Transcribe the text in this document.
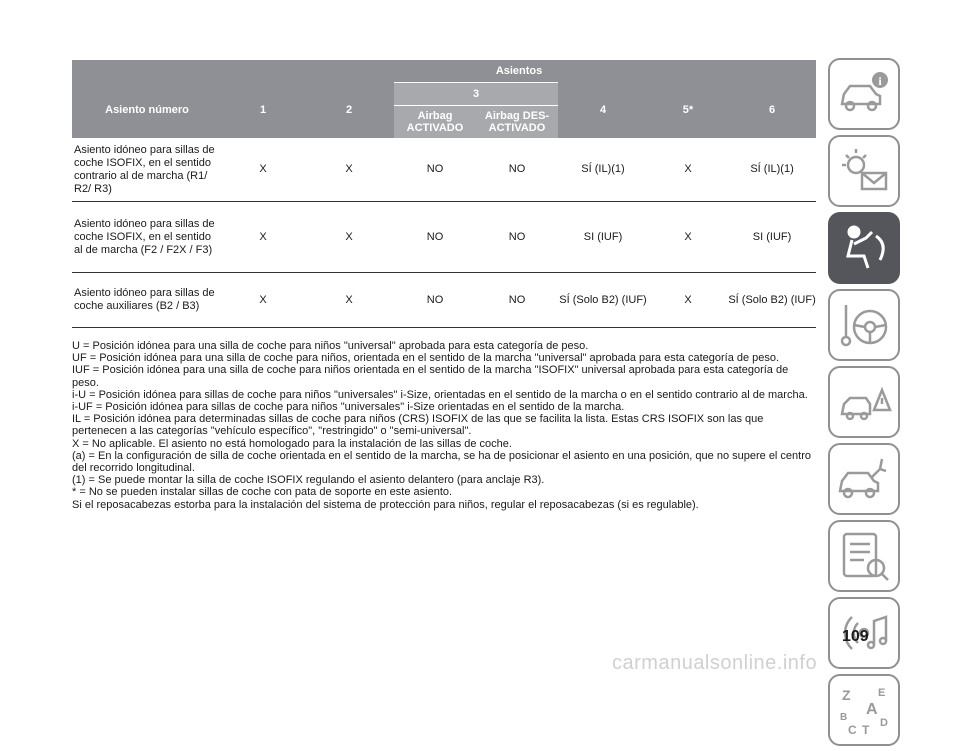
	Asientos						
Asiento número	1	2	3		4	5*	6
			Airbag ACTIVADO	Airbag DES-ACTIVADO			
Asiento idóneo para sillas de coche ISOFIX, en el sentido contrario al de marcha (R1/ R2/ R3)	X	X	NO	NO	SÍ (IL)(1)	X	SÍ (IL)(1)
Asiento idóneo para sillas de coche ISOFIX, en el sentido al de marcha (F2 / F2X / F3)	X	X	NO	NO	SI (IUF)	X	SI (IUF)
Asiento idóneo para sillas de coche auxiliares (B2 / B3)	X	X	NO	NO	SÍ (Solo B2) (IUF)	X	SÍ (Solo B2) (IUF)

U = Posición idónea para una silla de coche para niños "universal" aprobada para esta categoría de peso.

UF = Posición idónea para una silla de coche para niños, orientada en el sentido de la marcha "universal" aprobada para esta categoría de peso.

IUF = Posición idónea para una silla de coche para niños orientada en el sentido de la marcha "ISOFIX" universal aprobada para esta categoría de peso.

i-U = Posición idónea para sillas de coche para niños "universales" i-Size, orientadas en el sentido de la marcha o en el sentido contrario al de marcha.

i-UF = Posición idónea para sillas de coche para niños "universales" i-Size orientadas en el sentido de la marcha.

IL = Posición idónea para determinadas sillas de coche para niños (CRS) ISOFIX de las que se facilita la lista. Estas CRS ISOFIX son las que pertenecen a las categorías "vehículo específico", "restringido" o "semi-universal".

X = No aplicable. El asiento no está homologado para la instalación de las sillas de coche.

(a) = En la configuración de silla de coche orientada en el sentido de la marcha, se ha de posicionar el asiento en una posición, que no supere el centro del recorrido longitudinal.

(1) = Se puede montar la silla de coche ISOFIX regulando el asiento delantero (para anclaje R3).

* = No se pueden instalar sillas de coche con pata de soporte en este asiento.

Si el reposacabezas estorba para la instalación del sistema de protección para niños, regular el reposacabezas (si es regulable).

i
Z E
A
B
C D
T
109
carmanualsonline.info
